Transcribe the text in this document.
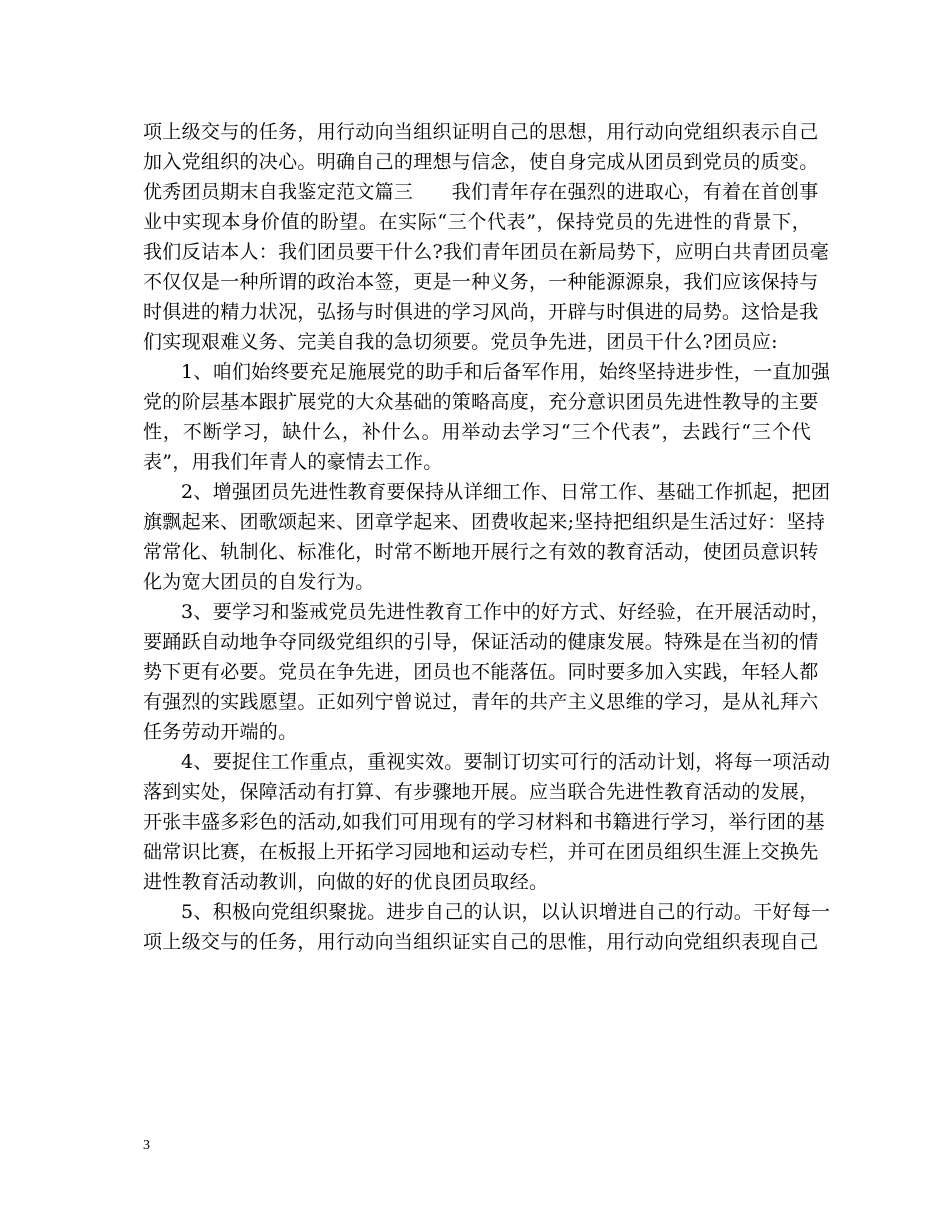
项上级交与的任务，用行动向当组织证明自己的思想，用行动向党组织表示自己
加入党组织的决心。明确自己的理想与信念，使自身完成从团员到党员的质变。
优秀团员期末自我鉴定范文篇三　　我们青年存在强烈的进取心，有着在首创事
业中实现本身价值的盼望。在实际“三个代表”，保持党员的先进性的背景下，
我们反诘本人：我们团员要干什么?我们青年团员在新局势下，应明白共青团员毫
不仅仅是一种所谓的政治本签，更是一种义务，一种能源源泉，我们应该保持与
时俱进的精力状况，弘扬与时俱进的学习风尚，开辟与时俱进的局势。这恰是我
们实现艰难义务、完美自我的急切须要。党员争先进，团员干什么?团员应:
1、咱们始终要充足施展党的助手和后备军作用，始终坚持进步性，一直加强
党的阶层基本跟扩展党的大众基础的策略高度，充分意识团员先进性教导的主要
性，不断学习，缺什么，补什么。用举动去学习“三个代表”，去践行“三个代
表”，用我们年青人的豪情去工作。
2、增强团员先进性教育要保持从详细工作、日常工作、基础工作抓起，把团
旗飘起来、团歌颂起来、团章学起来、团费收起来;坚持把组织是生活过好：坚持
常常化、轨制化、标准化，时常不断地开展行之有效的教育活动，使团员意识转
化为宽大团员的自发行为。
3、要学习和鉴戒党员先进性教育工作中的好方式、好经验，在开展活动时，
要踊跃自动地争夺同级党组织的引导，保证活动的健康发展。特殊是在当初的情
势下更有必要。党员在争先进，团员也不能落伍。同时要多加入实践，年轻人都
有强烈的实践愿望。正如列宁曾说过，青年的共产主义思维的学习，是从礼拜六
任务劳动开端的。
4、要捉住工作重点，重视实效。要制订切实可行的活动计划，将每一项活动
落到实处，保障活动有打算、有步骤地开展。应当联合先进性教育活动的发展，
开张丰盛多彩色的活动,如我们可用现有的学习材料和书籍进行学习，举行团的基
础常识比赛，在板报上开拓学习园地和运动专栏，并可在团员组织生涯上交换先
进性教育活动教训，向做的好的优良团员取经。
5、积极向党组织聚拢。进步自己的认识，以认识增进自己的行动。干好每一
项上级交与的任务，用行动向当组织证实自己的思惟，用行动向党组织表现自己
3
